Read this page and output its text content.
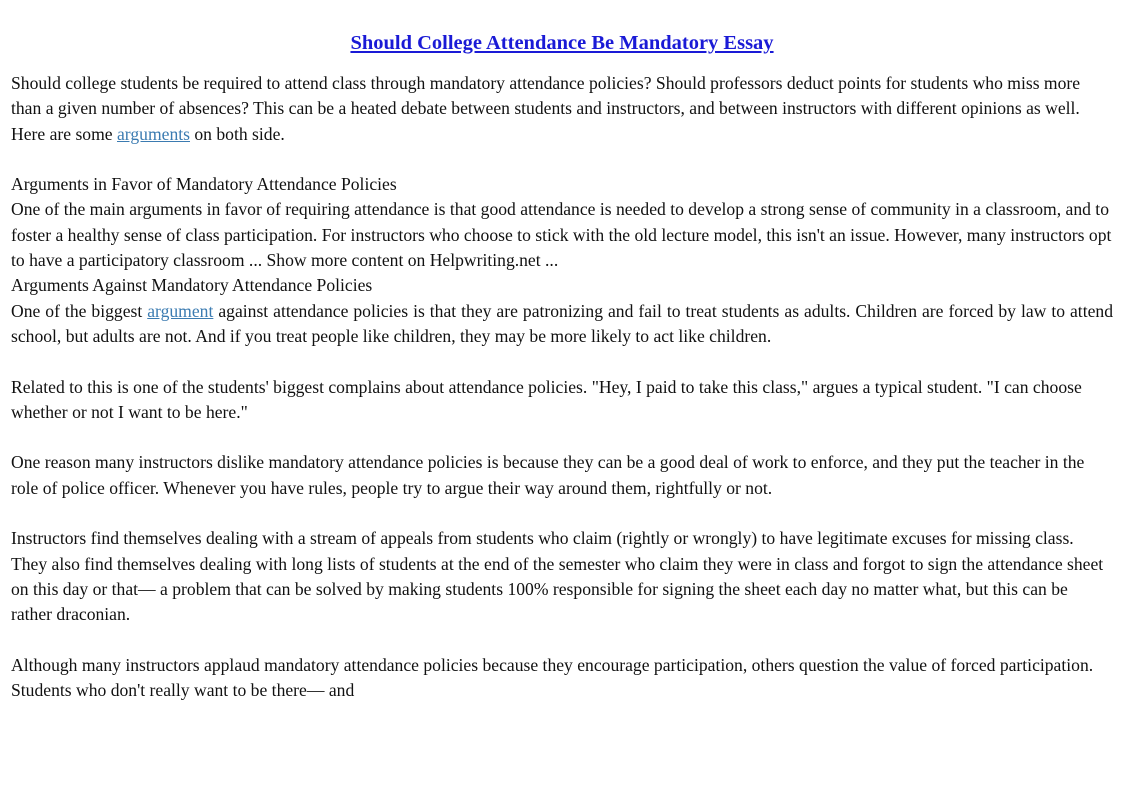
Should College Attendance Be Mandatory Essay

Should college students be required to attend class through mandatory attendance policies? Should professors deduct points for students who miss more than a given number of absences? This can be a heated debate between students and instructors, and between instructors with different opinions as well. Here are some arguments on both side.

Arguments in Favor of Mandatory Attendance Policies

One of the main arguments in favor of requiring attendance is that good attendance is needed to develop a strong sense of community in a classroom, and to foster a healthy sense of class participation. For instructors who choose to stick with the old lecture model, this isn't an issue. However, many instructors opt to have a participatory classroom ... Show more content on Helpwriting.net ...

Arguments Against Mandatory Attendance Policies

One of the biggest argument against attendance policies is that they are patronizing and fail to treat students as adults. Children are forced by law to attend school, but adults are not. And if you treat people like children, they may be more likely to act like children.

Related to this is one of the students' biggest complains about attendance policies. "Hey, I paid to take this class," argues a typical student. "I can choose whether or not I want to be here."

One reason many instructors dislike mandatory attendance policies is because they can be a good deal of work to enforce, and they put the teacher in the role of police officer. Whenever you have rules, people try to argue their way around them, rightfully or not.

Instructors find themselves dealing with a stream of appeals from students who claim (rightly or wrongly) to have legitimate excuses for missing class. They also find themselves dealing with long lists of students at the end of the semester who claim they were in class and forgot to sign the attendance sheet on this day or that— a problem that can be solved by making students 100% responsible for signing the sheet each day no matter what, but this can be rather draconian.

Although many instructors applaud mandatory attendance policies because they encourage participation, others question the value of forced participation. Students who don't really want to be there— and
